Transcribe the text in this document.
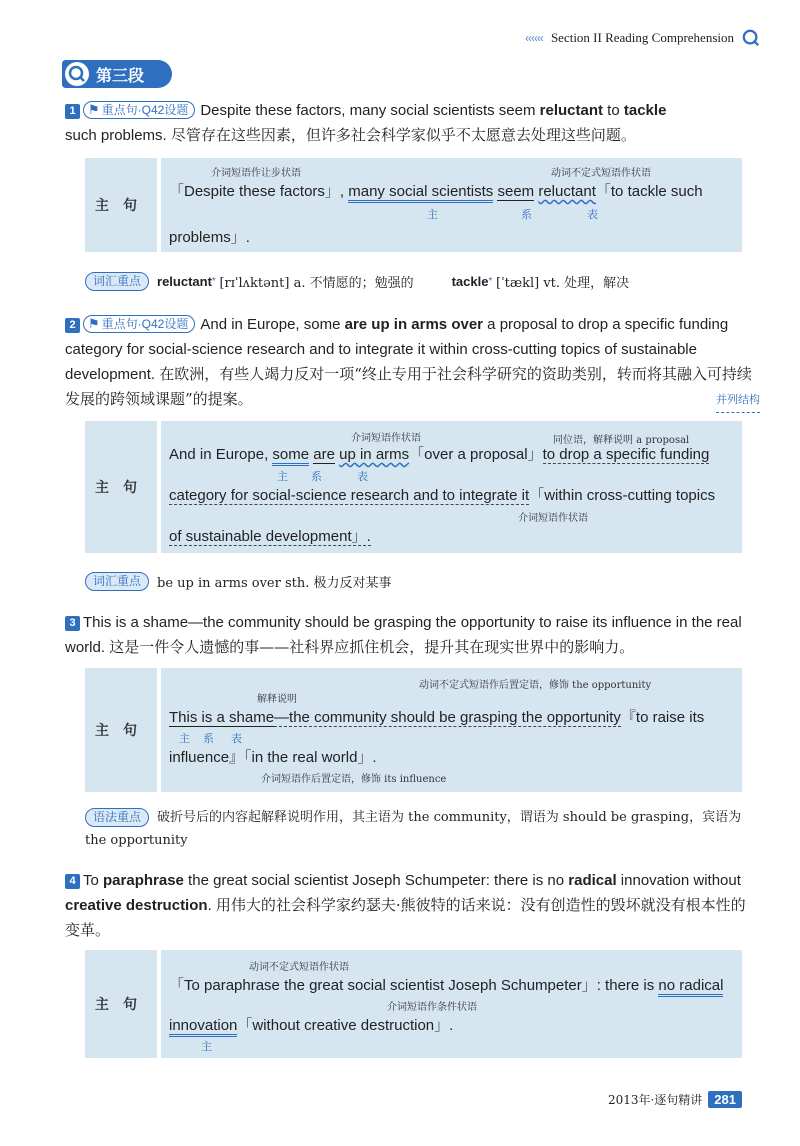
‹‹‹‹‹‹ Section II Reading Comprehension
第三段
1 ⚑ 重点句·Q42设题 Despite these factors, many social scientists seem reluctant to tackle
such problems. 尽管存在这些因素，但许多社会科学家似乎不太愿意去处理这些问题。
主　句
介词短语作让步状语	动词不定式短语作状语
「Despite these factors」, many social scientists seem reluctant「to tackle such
主	系	表
problems」.
词汇重点	reluctant *
[rɪˈlʌktənt] a. 不情愿的；勉强的	tackle *
[ˈtækl] vt. 处理，解决
2 ⚑ 重点句·Q42设题 And in Europe, some are up in arms over a proposal to drop a specific funding category for social-science research and to integrate it within cross-cutting topics of sustainable development. 在欧洲，有些人竭力反对一项“终止专用于社会科学研究的资助类别，转而将其融入可持续发展的跨领域课题”的提案。	并列结构
主　句
介词短语作状语	同位语，解释说明 a proposal
And in Europe, some are up in arms「over a proposal」to drop a specific funding
主 系	表
category for social-science research and to integrate it「within cross-cutting topics
介词短语作状语
of sustainable development」.
词汇重点	be up in arms over sth. 极力反对某事
3 This is a shame—the community should be grasping the opportunity to raise its influence in the real world. 这是一件令人遗憾的事——社科界应抓住机会，提升其在现实世界中的影响力。
主　句
动词不定式短语作后置定语，修饰 the opportunity
解释说明
This is a shame—the community should be grasping the opportunity『to raise its
主 系 表
influence』「in the real world」.
介词短语作后置定语，修饰 its influence
语法重点 破折号后的内容起解释说明作用，其主语为 the community，谓语为 should be grasping，宾语为 the opportunity
4 To paraphrase the great social scientist Joseph Schumpeter: there is no radical innovation without creative destruction. 用伟大的社会科学家约瑟夫·熊彼特的话来说：没有创造性的毁坏就没有根本性的变革。
主　句
动词不定式短语作状语
「To paraphrase the great social scientist Joseph Schumpeter」: there is no radical
介词短语作条件状语
innovation「without creative destruction」.
主
2013年·逐句精讲 281
